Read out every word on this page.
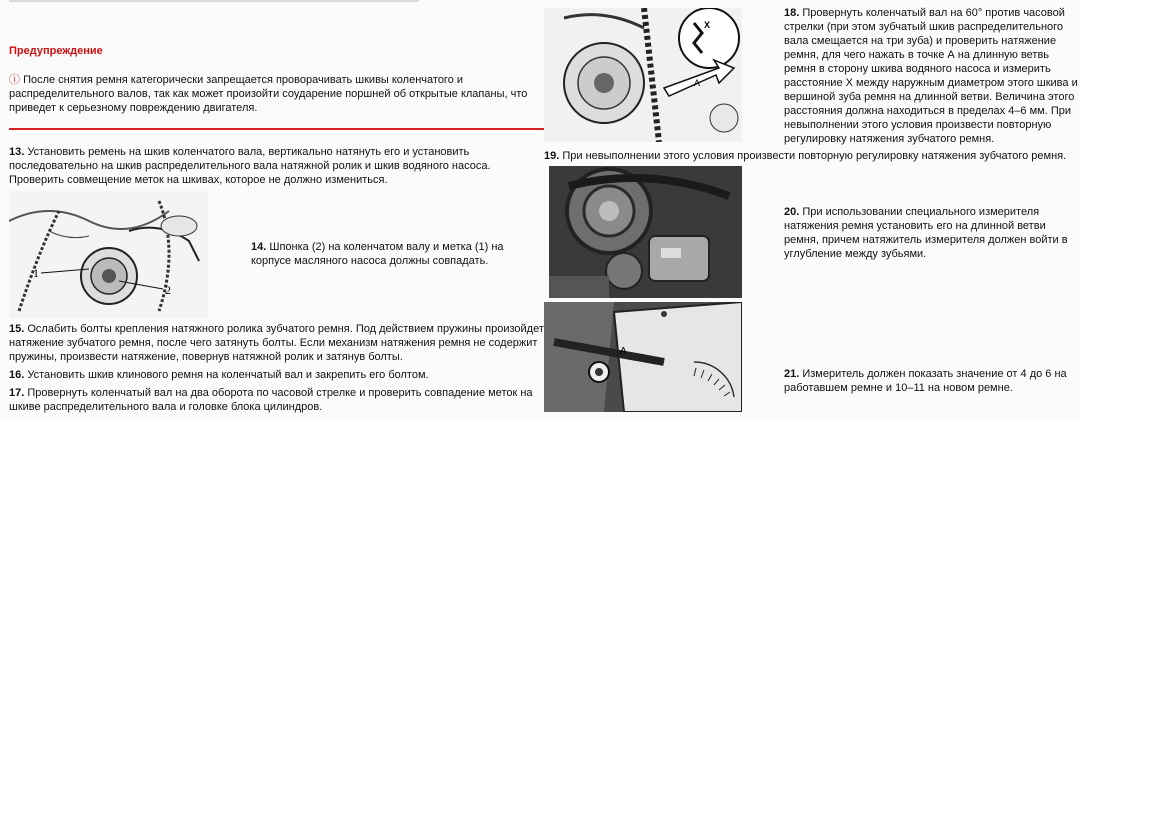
Предупреждение
ⓘ После снятия ремня категорически запрещается проворачивать шкивы коленчатого и распределительного валов, так как может произойти соударение поршней об открытые клапаны, что приведет к серьезному повреждению двигателя.
13. Установить ремень на шкив коленчатого вала, вертикально натянуть его и установить последовательно на шкив распределительного вала натяжной ролик и шкив водяного насоса. Проверить совмещение меток на шкивах, которое не должно измениться.
1
2
14. Шпонка (2) на коленчатом валу и метка (1) на корпусе масляного насоса должны совпадать.
15. Ослабить болты крепления натяжного ролика зубчатого ремня. Под действием пружины произойдет натяжение зубчатого ремня, после чего затянуть болты. Если механизм натяжения ремня не содержит пружины, произвести натяжение, повернув натяжной ролик и затянув болты.
16. Установить шкив клинового ремня на коленчатый вал и закрепить его болтом.
17. Провернуть коленчатый вал на два оборота по часовой стрелке и проверить совпадение меток на шкиве распределительного вала и головке блока цилиндров.
X
A
18. Провернуть коленчатый вал на 60° против часовой стрелки (при этом зубчатый шкив распределительного вала смещается на три зуба) и проверить натяжение ремня, для чего нажать в точке А на длинную ветвь ремня в сторону шкива водяного насоса и измерить расстояние Х между наружным диаметром этого шкива и вершиной зуба ремня на длинной ветви. Величина этого расстояния должна находиться в пределах 4–6 мм. При невыполнении этого условия произвести повторную регулировку натяжения зубчатого ремня.
19. При невыполнении этого условия произвести повторную регулировку натяжения зубчатого ремня.
20. При использовании специального измерителя натяжения ремня установить его на длинной ветви ремня, причем натяжитель измерителя должен войти в углубление между зубьями.
A
21. Измеритель должен показать значение от 4 до 6 на работавшем ремне и 10–11 на новом ремне.
